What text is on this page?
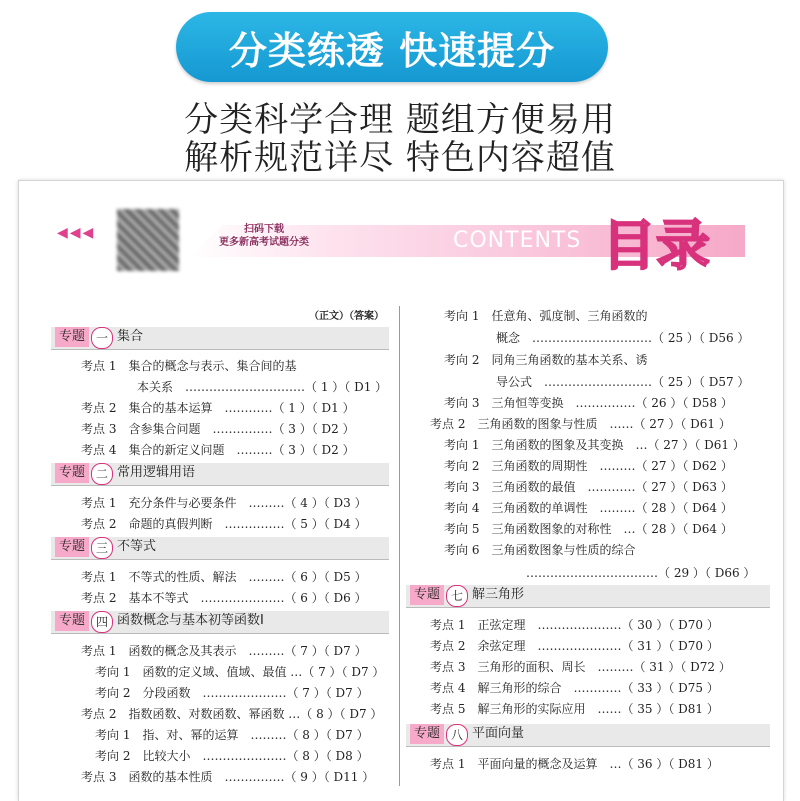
分类练透 快速提分
分类科学合理 题组方便易用
解析规范详尽 特色内容超值
◀◀◀	扫码下载
更多新高考试题分类	CONTENTS 目录
（正文）（答案）
专题 一 集合
考点 1　集合的概念与表示、集合间的基
本关系　…………………………（ 1 ）（ D1 ）
考点 2　集合的基本运算　…………（ 1 ）（ D1 ）
考点 3　含参集合问题　……………（ 3 ）（ D2 ）
考点 4　集合的新定义问题　………（ 3 ）（ D2 ）
专题 二 常用逻辑用语
考点 1　充分条件与必要条件　………（ 4 ）（ D3 ）
考点 2　命题的真假判断　……………（ 5 ）（ D4 ）
专题 三 不等式
考点 1　不等式的性质、解法　………（ 6 ）（ D5 ）
考点 2　基本不等式　…………………（ 6 ）（ D6 ）
专题 四 函数概念与基本初等函数Ⅰ
考点 1　函数的概念及其表示　………（ 7 ）（ D7 ）
考向 1　函数的定义域、值域、最值 …（ 7 ）（ D7 ）
考向 2　分段函数　…………………（ 7 ）（ D7 ）
考点 2　指数函数、对数函数、幂函数 …（ 8 ）（ D7 ）
考向 1　指、对、幂的运算　………（ 8 ）（ D7 ）
考向 2　比较大小　…………………（ 8 ）（ D8 ）
考点 3　函数的基本性质　……………（ 9 ）（ D11 ）
考向 1　任意角、弧度制、三角函数的
概念　…………………………（ 25 ）（ D56 ）
考向 2　同角三角函数的基本关系、诱
导公式　………………………（ 25 ）（ D57 ）
考向 3　三角恒等变换　……………（ 26 ）（ D58 ）
考点 2　三角函数的图象与性质　……（ 27 ）（ D61 ）
考向 1　三角函数的图象及其变换　…（ 27 ）（ D61 ）
考向 2　三角函数的周期性　………（ 27 ）（ D62 ）
考向 3　三角函数的最值　…………（ 27 ）（ D63 ）
考向 4　三角函数的单调性　………（ 28 ）（ D64 ）
考向 5　三角函数图象的对称性　…（ 28 ）（ D64 ）
考向 6　三角函数图象与性质的综合
……………………………（ 29 ）（ D66 ）
专题 七 解三角形
考点 1　正弦定理　…………………（ 30 ）（ D70 ）
考点 2　余弦定理　…………………（ 31 ）（ D70 ）
考点 3　三角形的面积、周长　………（ 31 ）（ D72 ）
考点 4　解三角形的综合　…………（ 33 ）（ D75 ）
考点 5　解三角形的实际应用　……（ 35 ）（ D81 ）
专题 八 平面向量
考点 1　平面向量的概念及运算　…（ 36 ）（ D81 ）
